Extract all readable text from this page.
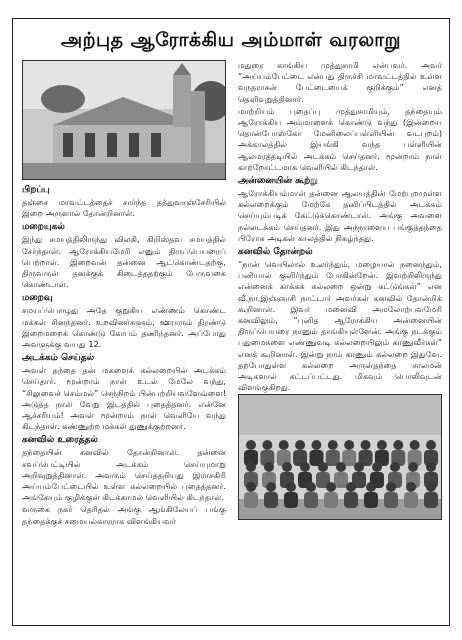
அற்புத ஆரோக்கிய அம்மாள் வரலாறு
பிறப்பு

தஞ்சை மாவட்டத்தைச் சார்ந்த தத்துவாஞ்சேரியில் இறை அருளால் தோன்றினாள்.

மறையுகல்

இந்து சமயத்திலிருந்து விலகி, கிறிஸ்தவ சமயத்தில் சேர்ந்தாள். ஆரோக்கியமேரி எனும் திருப்பெயரைப் பெற்றாள். இறைவன் தன்னை ஆட்கொண்டதற்கு, திருவருள் தனக்குக் கிடைத்ததற்கும் பேருவகை கொண்டாள்.

மறைவு

சமயப்பொழுது அதே குறுகிய எண்ணம் கொண்ட மக்கள் சினந்தனர். உறவினர்களும், ஊராரும் திரண்டு இறைமறைக் கொண்டு கோபம் தணிந்தனர். அப்போது அவளுக்கு வயது 12.

அடக்கம் செய்தல்

அவள் தந்தை தன் மகளைக் கல்லறையில் அடக்கம் செய்தார். மூன்றாம் நாள் உடல் மேலே வந்து, “சிலுவைச் செம்மல்” செந்நிறம் பின்பற்றியவளேவ்ளை! அடுத்த நாள் வேறு இடத்தில் புதைத்தனர். என்னே ஆச்சரியம்! அவள் மூன்றாம் நாள் வெளியே வந்து கிடந்தாள். கண்ணுற்ற மக்கள் துணுக்குற்றனர்.

கனவில் உரைத்தல்

தந்தையின் கனவில் தோன்றினாள். தன்னை சவப்பெட்டியில் அடக்கம் செய்யுமாறு அறிவுறுத்தினாள். அவரும் செய்ததறியது இராசகிரி அய்யம்பேட்டையில் உள்ள கல்லறையில் புதைத்தனர். அங்கேயும் குழிக்குள் கிடக்காமல் வெளியில் கிடந்தாள்.

வருகை நகர் தெரிதல் அங்கு ஆங்கிலேயப் பங்கு தந்தைக்குச் சமையல்காரராக விளங்கியவர்

மதுரை காங்கிய முத்துசாமி என்பவர். அவர் “அய்யம்பேட்டை என்பது திருச்சி மாவட்டத்தில் உள்ள வநதராசன் பேட்டையைக் குறிக்கும்” எனத் தெளிவுறுத்தினார்.

மாற்றியம் புதைப்பு முத்துசாமியும், தந்தையும் ஆரோக்கிய அம்மாளைக் கொண்டு வந்து (இன்றைய தொன்போஸ்கோ மேனிலைப்பள்ளியின் வடபுறம்) அக்காலத்தில் இயங்கி வந்த பள்ளியின் ஆலமரத்தடியில் அடக்கம் செய்தனர். மூன்றாம் நாள் காற்றோட்டமாக வெளியில் கிடந்தாள்.

அன்னையின் கூற்று

ஆரோக்கியம்மாள் தன்னை ஆலயத்தின் மேற்புறமுள்ள கல்லறைக்கும் மேற்கே தனிப்பிடத்தில் அடக்கம் செய்யும்படிக் கேட்டுக்கொண்டாள். அங்கு அவளை நல்லடக்கம் செய்தனர். இது அந்நாளைய பங்குத்தந்தை பிரோசு அடிகள் காலத்தில் நிகழ்ந்தது.

கனவில் தோன்றல்

“நான் வெயிலால் உலர்ந்தும், மழையால் நனைந்தும், பனியால் குளிர்ந்தும் போகின்றேன். இவற்றிலிருந்து என்னைக் காக்கக் கல்லறை ஒன்று கட்டுங்கள்” என வீ.நா.இஞ்ஞாசி நாட்டார் அவர்கள் கனவில் தோன்றிக் கூறினாள். இவர் மனைவி அமலோற்பவமேரி கனவிலும், “புனித ஆரோக்கிய அன்னையின் திருப்பெயரை நானும் தாங்கியுள்ளேன். அங்கு நடக்கும் புதுமைகளை எண்ணுவடி கல்லறையிலும் காணுவீர்கள்” எனக் கூறினாள். இன்று நாம் காணும் கல்லறை இதுவே. தற்போதுள்ள கல்லறை அருள்தந்தை சாலமன் அடிகளால் கட்டப்பட்டது. மிகவும் பொலிவுடன் விளங்குகிறது.
